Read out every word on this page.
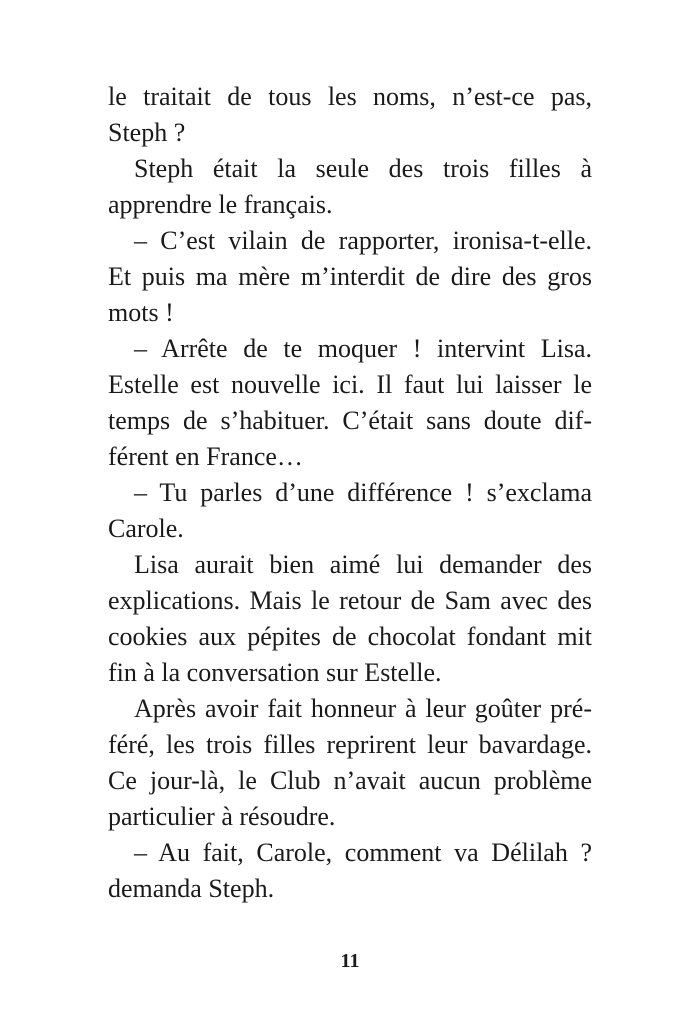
le traitait de tous les noms, n’est-ce pas,
Steph ?
Steph était la seule des trois filles à
apprendre le français.
– C’est vilain de rapporter, ironisa-t-elle.
Et puis ma mère m’interdit de dire des gros
mots !
– Arrête de te moquer ! intervint Lisa.
Estelle est nouvelle ici. Il faut lui laisser le
temps de s’habituer. C’était sans doute dif-
férent en France…
– Tu parles d’une différence ! s’exclama
Carole.
Lisa aurait bien aimé lui demander des
explications. Mais le retour de Sam avec des
cookies aux pépites de chocolat fondant mit
fin à la conversation sur Estelle.
Après avoir fait honneur à leur goûter pré-
féré, les trois filles reprirent leur bavardage.
Ce jour-là, le Club n’avait aucun problème
particulier à résoudre.
– Au fait, Carole, comment va Délilah ?
demanda Steph.
11
